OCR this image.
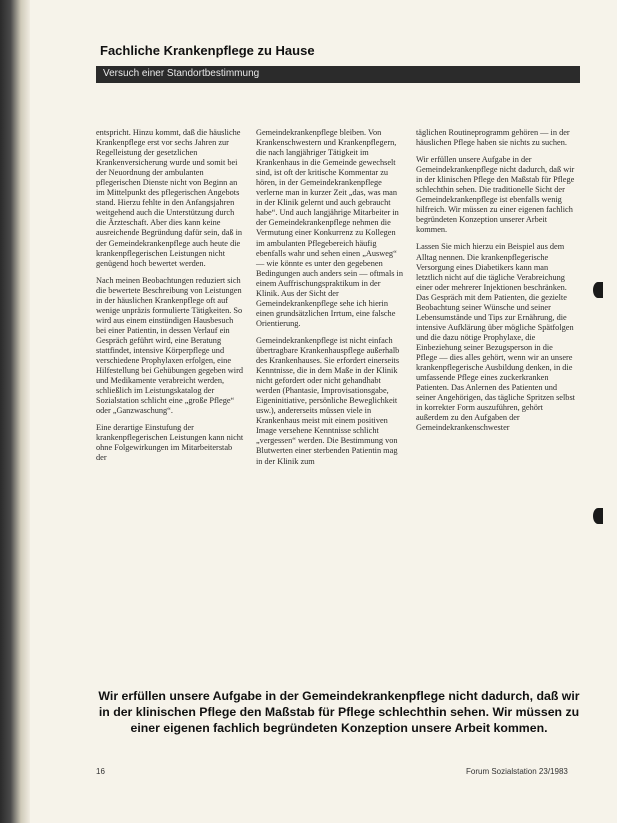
Fachliche Krankenpflege zu Hause
Versuch einer Standortbestimmung

entspricht. Hinzu kommt, daß die häusliche Krankenpflege erst vor sechs Jahren zur Regelleistung der gesetzlichen Krankenversicherung wurde und somit bei der Neuordnung der ambulanten pflegerischen Dienste nicht von Beginn an im Mittelpunkt des pflegerischen Angebots stand. Hierzu fehlte in den Anfangsjahren weitgehend auch die Unterstützung durch die Ärzteschaft. Aber dies kann keine ausreichende Begründung dafür sein, daß in der Gemeindekrankenpflege auch heute die krankenpflegerischen Leistungen nicht genügend hoch bewertet werden.

Nach meinen Beobachtungen reduziert sich die bewertete Beschreibung von Leistungen in der häuslichen Krankenpflege oft auf wenige unpräzis formulierte Tätigkeiten. So wird aus einem einstündigen Hausbesuch bei einer Patientin, in dessen Verlauf ein Gespräch geführt wird, eine Beratung stattfindet, intensive Körperpflege und verschiedene Prophylaxen erfolgen, eine Hilfestellung bei Gehübungen gegeben wird und Medikamente verabreicht werden, schließlich im Leistungskatalog der Sozialstation schlicht eine „große Pflege“ oder „Ganzwaschung“.

Eine derartige Einstufung der krankenpflegerischen Leistungen kann nicht ohne Folgewirkungen im Mitarbeiterstab der

Gemeindekrankenpflege bleiben. Von Krankenschwestern und Krankenpflegern, die nach langjähriger Tätigkeit im Krankenhaus in die Gemeinde gewechselt sind, ist oft der kritische Kommentar zu hören, in der Gemeindekrankenpflege verlerne man in kurzer Zeit „das, was man in der Klinik gelernt und auch gebraucht habe“. Und auch langjährige Mitarbeiter in der Gemeindekrankenpflege nehmen die Vermutung einer Konkurrenz zu Kollegen im ambulanten Pflegebereich häufig ebenfalls wahr und sehen einen „Ausweg“ — wie könnte es unter den gegebenen Bedingungen auch anders sein — oftmals in einem Auffrischungspraktikum in der Klinik. Aus der Sicht der Gemeindekrankenpflege sehe ich hierin einen grundsätzlichen Irrtum, eine falsche Orientierung.

Gemeindekrankenpflege ist nicht einfach übertragbare Krankenhauspflege außerhalb des Krankenhauses. Sie erfordert einerseits Kenntnisse, die in dem Maße in der Klinik nicht gefordert oder nicht gehandhabt werden (Phantasie, Improvisationsgabe, Eigeninitiative, persönliche Beweglichkeit usw.), andererseits müssen viele in Krankenhaus meist mit einem positiven Image versehene Kenntnisse schlicht „vergessen“ werden. Die Bestimmung von Blutwerten einer sterbenden Patientin mag in der Klinik zum

täglichen Routineprogramm gehören — in der häuslichen Pflege haben sie nichts zu suchen.

Wir erfüllen unsere Aufgabe in der Gemeindekrankenpflege nicht dadurch, daß wir in der klinischen Pflege den Maßstab für Pflege schlechthin sehen. Die traditionelle Sicht der Gemeindekrankenpflege ist ebenfalls wenig hilfreich. Wir müssen zu einer eigenen fachlich begründeten Konzeption unserer Arbeit kommen.

Lassen Sie mich hierzu ein Beispiel aus dem Alltag nennen. Die krankenpflegerische Versorgung eines Diabetikers kann man letztlich nicht auf die tägliche Verabreichung einer oder mehrerer Injektionen beschränken. Das Gespräch mit dem Patienten, die gezielte Beobachtung seiner Wünsche und seiner Lebensumstände und Tips zur Ernährung, die intensive Aufklärung über mögliche Spätfolgen und die dazu nötige Prophylaxe, die Einbeziehung seiner Bezugsperson in die Pflege — dies alles gehört, wenn wir an unsere krankenpflegerische Ausbildung denken, in die umfassende Pflege eines zuckerkranken Patienten. Das Anlernen des Patienten und seiner Angehörigen, das tägliche Spritzen selbst in korrekter Form auszuführen, gehört außerdem zu den Aufgaben der Gemeindekrankenschwester

Wir erfüllen unsere Aufgabe in der Gemeindekrankenpflege nicht dadurch, daß wir in der klinischen Pflege den Maßstab für Pflege schlechthin sehen. Wir müssen zu einer eigenen fachlich begründeten Konzeption unsere Arbeit kommen.
16	Forum Sozialstation 23/1983
